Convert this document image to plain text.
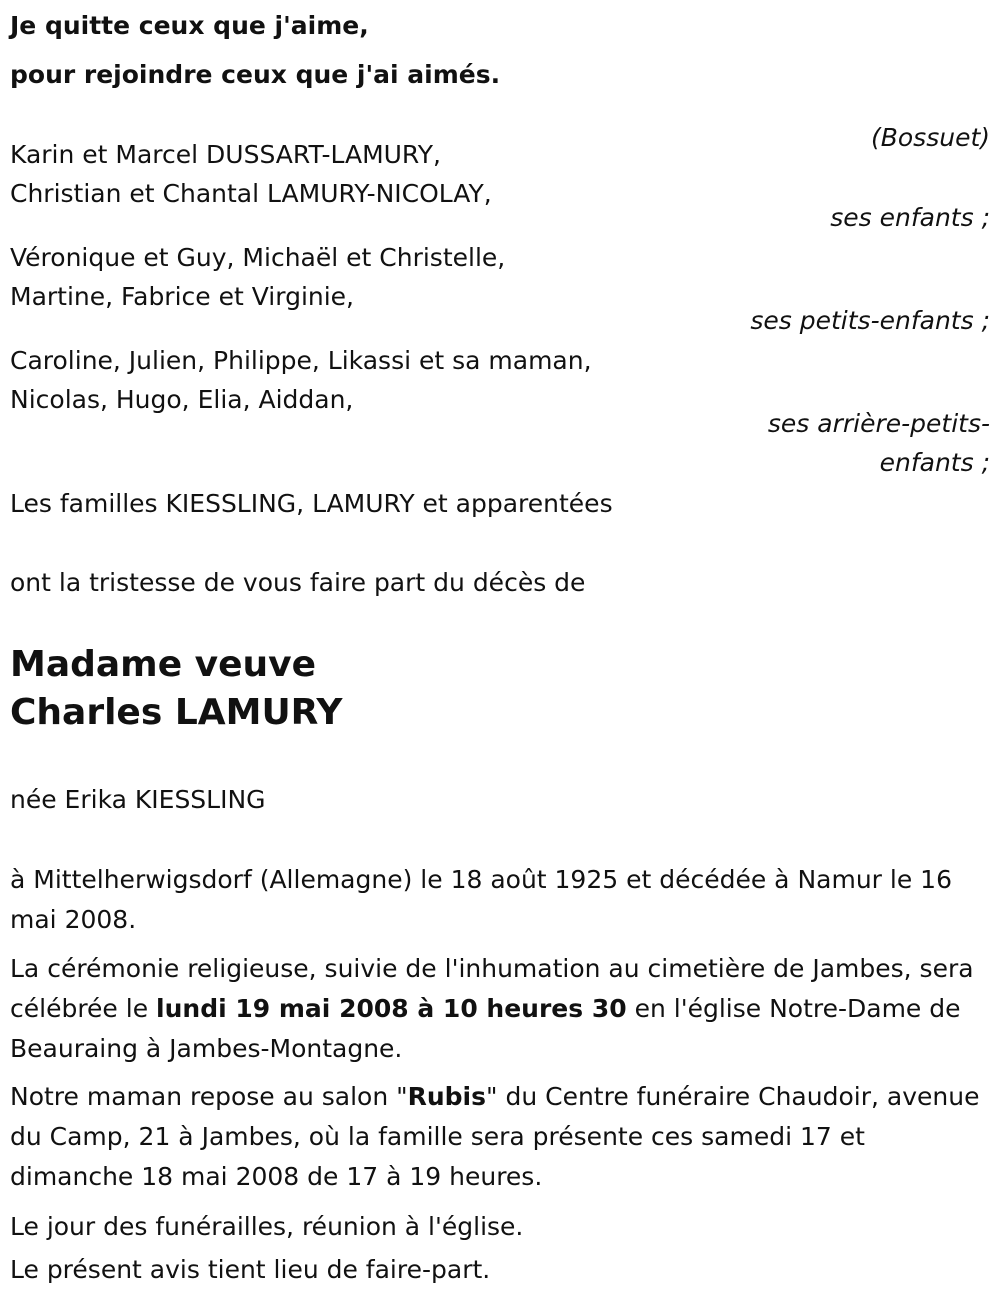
Je quitte ceux que j'aime,
pour rejoindre ceux que j'ai aimés.
(Bossuet)
Karin et Marcel DUSSART-LAMURY,
Christian et Chantal LAMURY-NICOLAY,
ses enfants ;
Véronique et Guy, Michaël et Christelle,
Martine, Fabrice et Virginie,
ses petits-enfants ;
Caroline, Julien, Philippe, Likassi et sa maman,
Nicolas, Hugo, Elia, Aiddan,
ses arrière-petits-
enfants ;
Les familles KIESSLING, LAMURY et apparentées
ont la tristesse de vous faire part du décès de
Madame veuve
Charles LAMURY
née Erika KIESSLING
à Mittelherwigsdorf (Allemagne) le 18 août 1925 et décédée à Namur le 16 mai 2008.
La cérémonie religieuse, suivie de l'inhumation au cimetière de Jambes, sera célébrée le lundi 19 mai 2008 à 10 heures 30 en l'église Notre-Dame de Beauraing à Jambes-Montagne.
Notre maman repose au salon "Rubis" du Centre funéraire Chaudoir, avenue du Camp, 21 à Jambes, où la famille sera présente ces samedi 17 et dimanche 18 mai 2008 de 17 à 19 heures.
Le jour des funérailles, réunion à l'église.
Le présent avis tient lieu de faire-part.
